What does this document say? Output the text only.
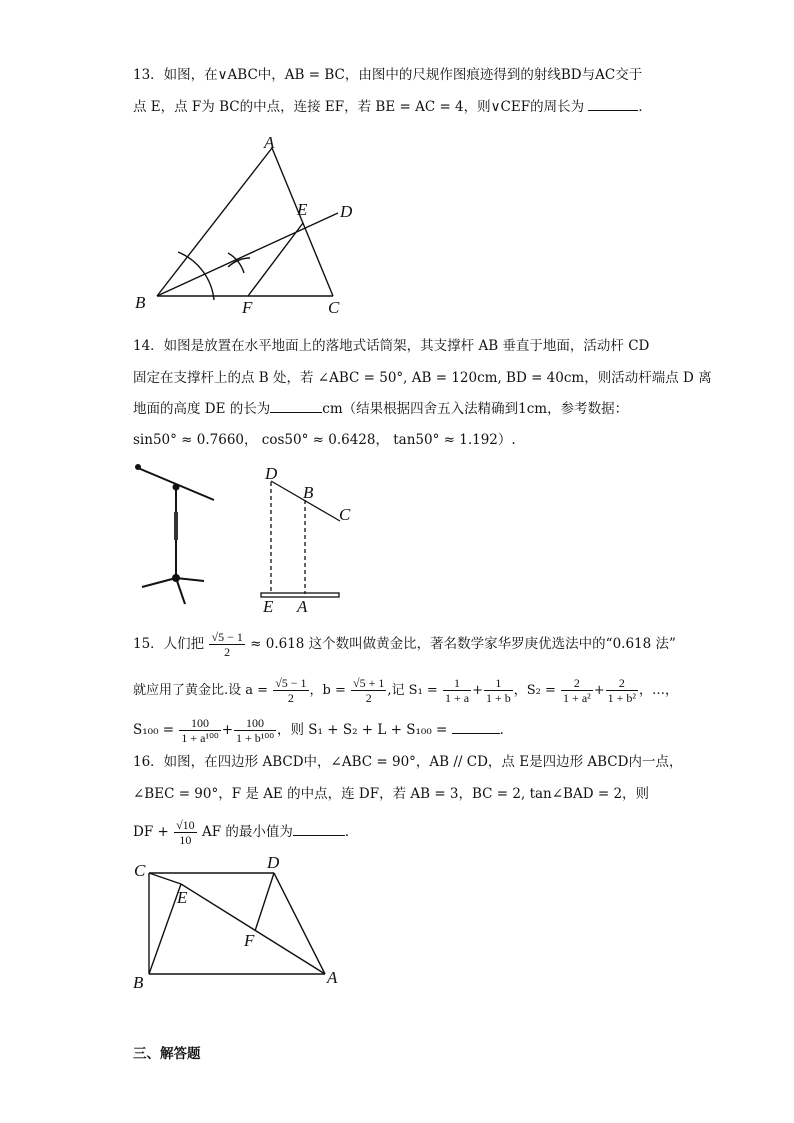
13．如图，在∨ABC中，AB = BC，由图中的尺规作图痕迹得到的射线BD与AC交于
点 E，点 F为 BC的中点，连接 EF，若 BE = AC = 4，则∨CEF的周长为	．
A
E D
B	F	C
14．如图是放置在水平地面上的落地式话筒架，其支撑杆 AB 垂直于地面，活动杆 CD
固定在支撑杆上的点 B 处，若 ∠ABC = 50°, AB = 120cm, BD = 40cm，则活动杆端点 D 离
地面的高度 DE 的长为	cm（结果根据四舍五入法精确到1cm，参考数据：
sin50° ≈ 0.7660， cos50° ≈ 0.6428， tan50° ≈ 1.192）.
D
B
C
E A
15．人们把 $\frac{√5 - 1}{2} \approx 0.618$ 这个数叫做黄金比，著名数学家华罗庚优选法中的“0.618 法”
就应用了黄金比.设 $a = \frac{√5 - 1}{2}$ ，$b = \frac{√5 + 1}{2}$ ,记 $S_1 = \frac{1}{1 + a} + \frac{1}{1 + b}$ ，$S_2 = \frac{2}{\text{1 + a²}} + \frac{2}{\text{1 + b²}}$ ，…，
$S_{100} = \frac{100}{\text{1 + a¹⁰⁰}} + \frac{100}{\text{1 + b¹⁰⁰}}$ ，则 S₁ + S₂ + L + S₁₀₀ =	．
16．如图，在四边形 ABCD中，∠ABC = 90°，AB // CD，点 E是四边形 ABCD内一点，
∠BEC = 90°，F 是 AE 的中点，连 DF，若 AB = 3，BC = 2, tan∠BAD = 2，则
DF + $\frac{√10}{10}$ AF 的最小值为	．
C	D
E
F
B	A
三、解答题
